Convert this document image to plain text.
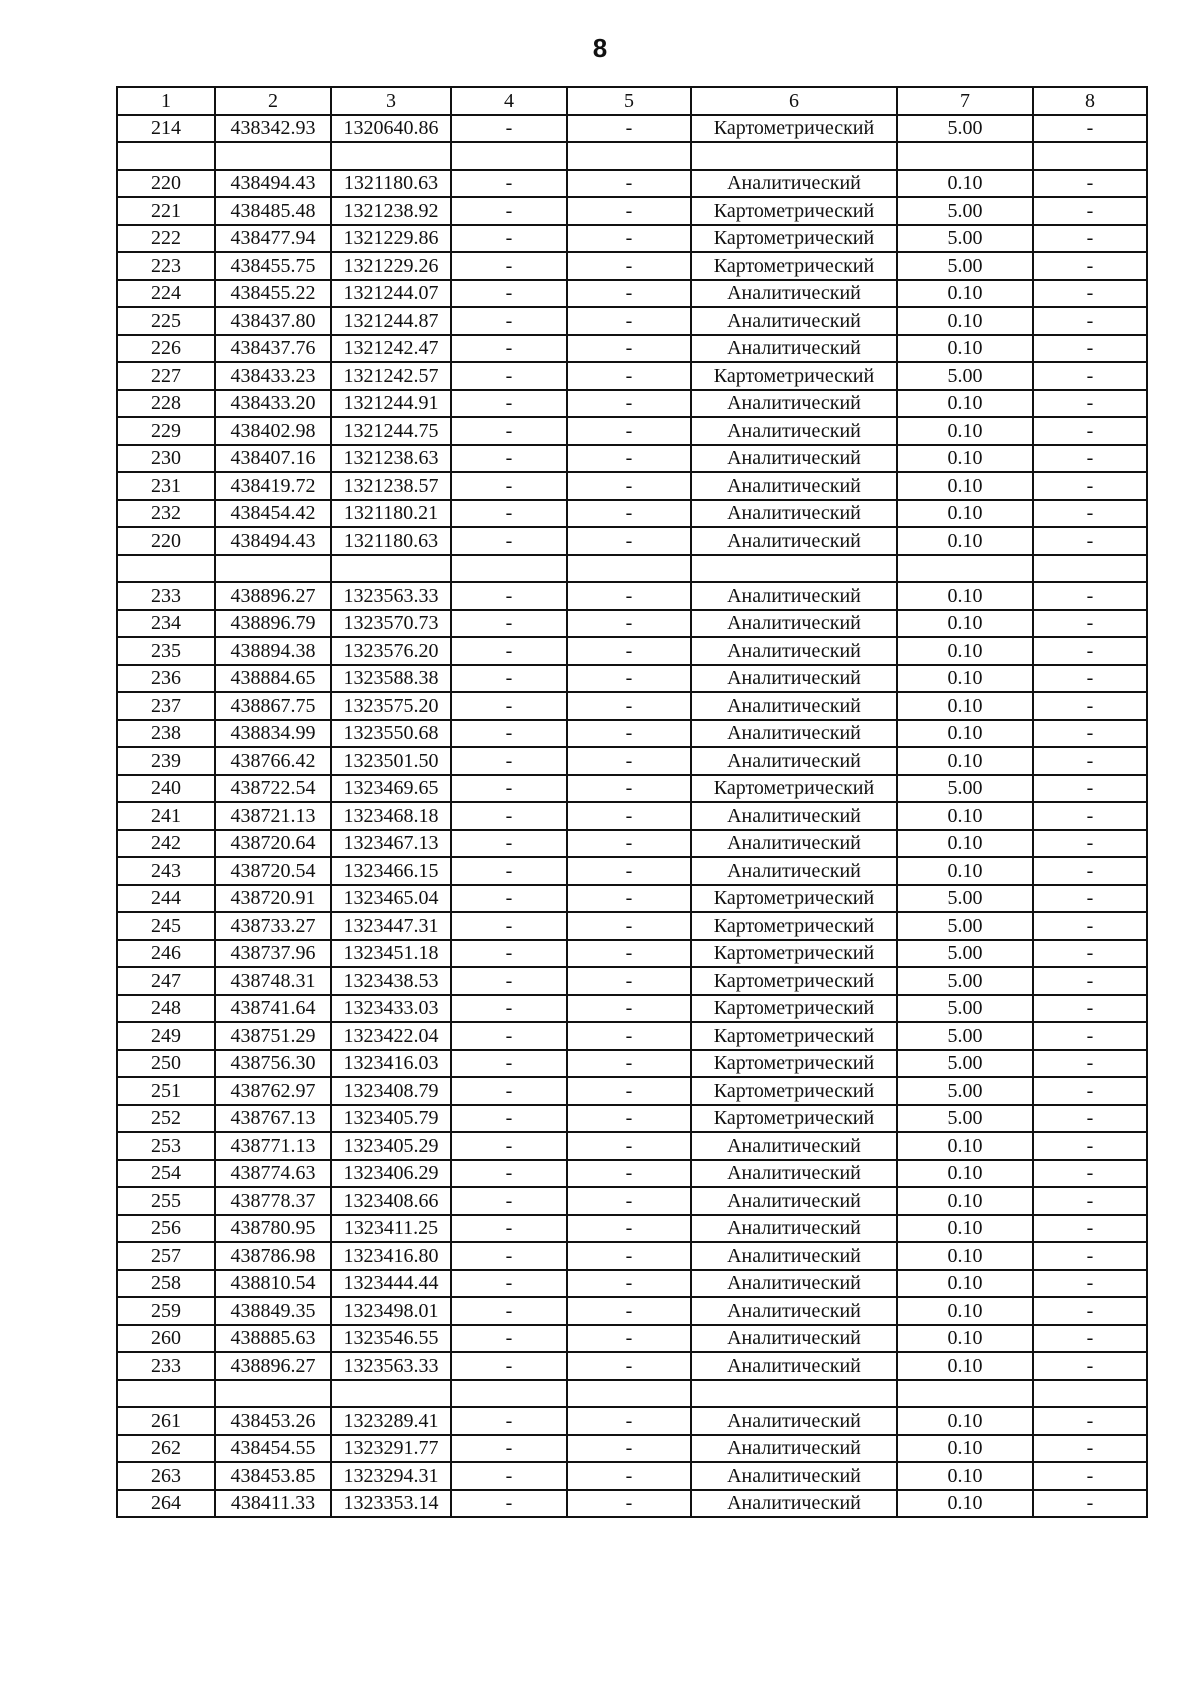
8
1	2	3	4	5	6	7	8
214	438342.93	1320640.86	-	-	Картометрический	5.00	-

220	438494.43	1321180.63	-	-	Аналитический	0.10	-
221	438485.48	1321238.92	-	-	Картометрический	5.00	-
222	438477.94	1321229.86	-	-	Картометрический	5.00	-
223	438455.75	1321229.26	-	-	Картометрический	5.00	-
224	438455.22	1321244.07	-	-	Аналитический	0.10	-
225	438437.80	1321244.87	-	-	Аналитический	0.10	-
226	438437.76	1321242.47	-	-	Аналитический	0.10	-
227	438433.23	1321242.57	-	-	Картометрический	5.00	-
228	438433.20	1321244.91	-	-	Аналитический	0.10	-
229	438402.98	1321244.75	-	-	Аналитический	0.10	-
230	438407.16	1321238.63	-	-	Аналитический	0.10	-
231	438419.72	1321238.57	-	-	Аналитический	0.10	-
232	438454.42	1321180.21	-	-	Аналитический	0.10	-
220	438494.43	1321180.63	-	-	Аналитический	0.10	-

233	438896.27	1323563.33	-	-	Аналитический	0.10	-
234	438896.79	1323570.73	-	-	Аналитический	0.10	-
235	438894.38	1323576.20	-	-	Аналитический	0.10	-
236	438884.65	1323588.38	-	-	Аналитический	0.10	-
237	438867.75	1323575.20	-	-	Аналитический	0.10	-
238	438834.99	1323550.68	-	-	Аналитический	0.10	-
239	438766.42	1323501.50	-	-	Аналитический	0.10	-
240	438722.54	1323469.65	-	-	Картометрический	5.00	-
241	438721.13	1323468.18	-	-	Аналитический	0.10	-
242	438720.64	1323467.13	-	-	Аналитический	0.10	-
243	438720.54	1323466.15	-	-	Аналитический	0.10	-
244	438720.91	1323465.04	-	-	Картометрический	5.00	-
245	438733.27	1323447.31	-	-	Картометрический	5.00	-
246	438737.96	1323451.18	-	-	Картометрический	5.00	-
247	438748.31	1323438.53	-	-	Картометрический	5.00	-
248	438741.64	1323433.03	-	-	Картометрический	5.00	-
249	438751.29	1323422.04	-	-	Картометрический	5.00	-
250	438756.30	1323416.03	-	-	Картометрический	5.00	-
251	438762.97	1323408.79	-	-	Картометрический	5.00	-
252	438767.13	1323405.79	-	-	Картометрический	5.00	-
253	438771.13	1323405.29	-	-	Аналитический	0.10	-
254	438774.63	1323406.29	-	-	Аналитический	0.10	-
255	438778.37	1323408.66	-	-	Аналитический	0.10	-
256	438780.95	1323411.25	-	-	Аналитический	0.10	-
257	438786.98	1323416.80	-	-	Аналитический	0.10	-
258	438810.54	1323444.44	-	-	Аналитический	0.10	-
259	438849.35	1323498.01	-	-	Аналитический	0.10	-
260	438885.63	1323546.55	-	-	Аналитический	0.10	-
233	438896.27	1323563.33	-	-	Аналитический	0.10	-

261	438453.26	1323289.41	-	-	Аналитический	0.10	-
262	438454.55	1323291.77	-	-	Аналитический	0.10	-
263	438453.85	1323294.31	-	-	Аналитический	0.10	-
264	438411.33	1323353.14	-	-	Аналитический	0.10	-
